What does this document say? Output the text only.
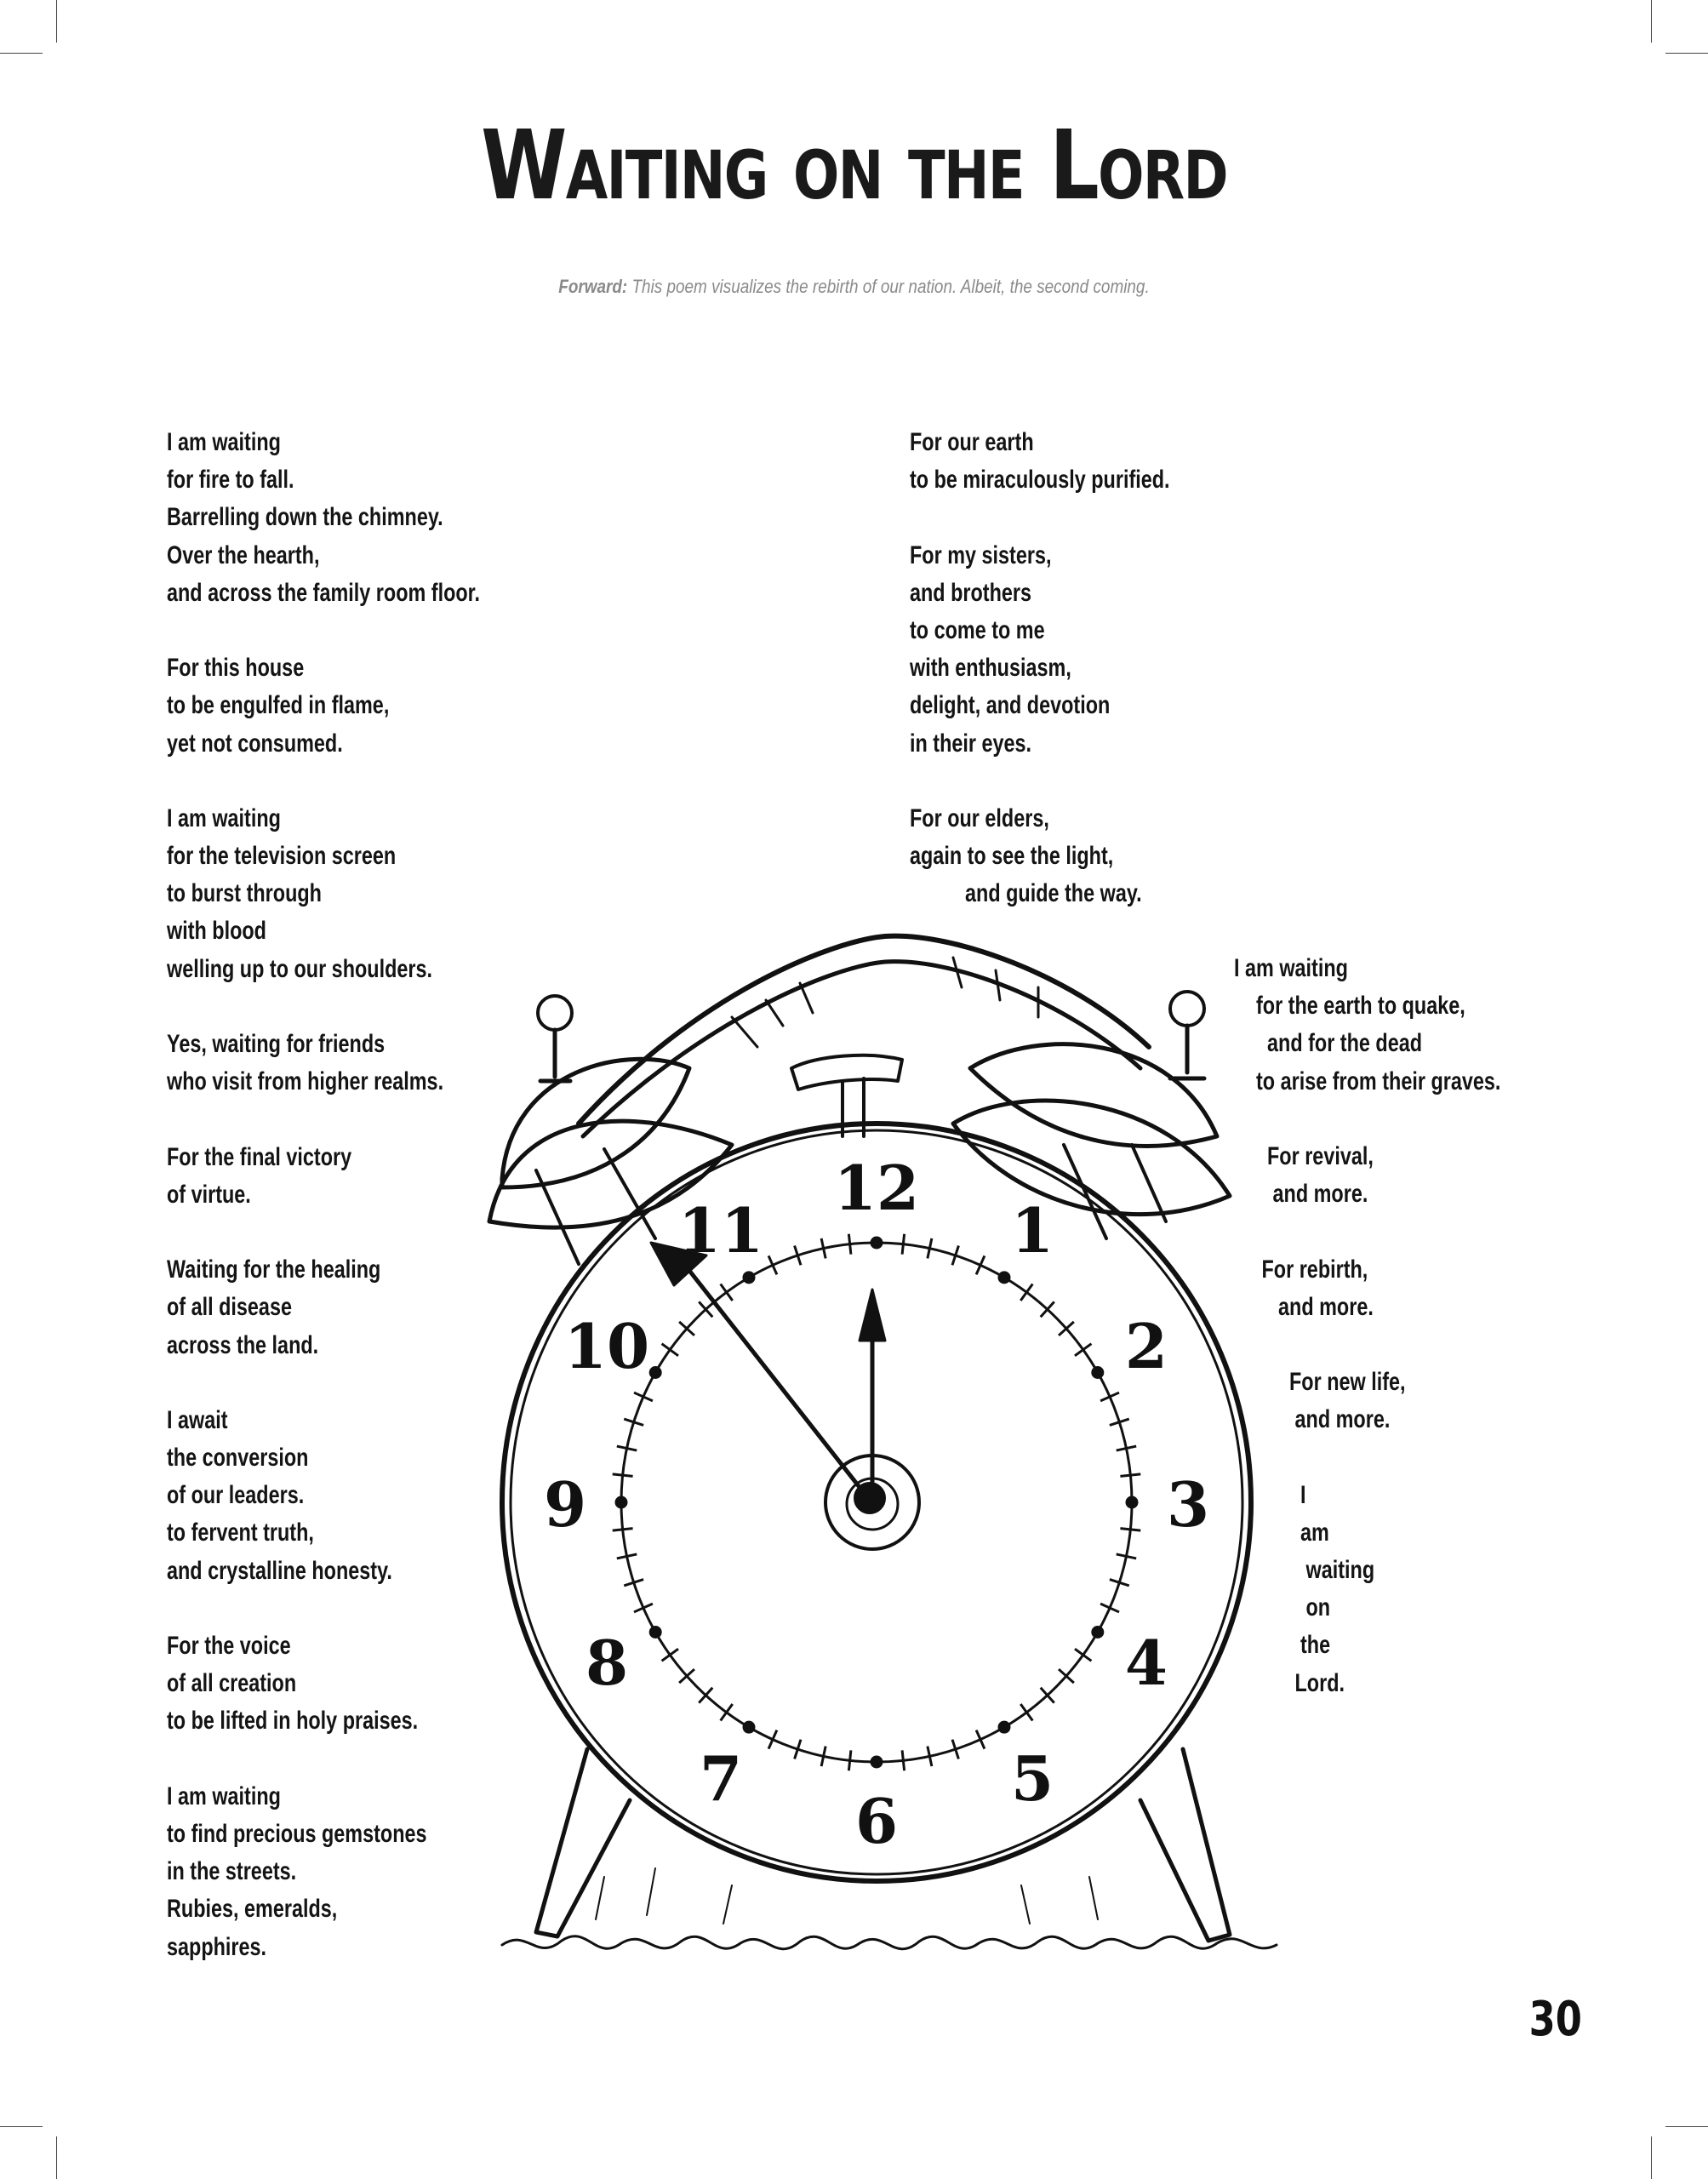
Waiting on the Lord
Forward: This poem visualizes the rebirth of our nation. Albeit, the second coming.
I am waiting
for fire to fall.
Barrelling down the chimney.
Over the hearth,
and across the family room floor.
For this house
to be engulfed in flame,
yet not consumed.
I am waiting
for the television screen
to burst through
with blood
welling up to our shoulders.
Yes, waiting for friends
who visit from higher realms.
For the final victory
of virtue.
Waiting for the healing
of all disease
across the land.
I await
the conversion
of our leaders.
to fervent truth,
and crystalline honesty.
For the voice
of all creation
to be lifted in holy praises.
I am waiting
to find precious gemstones
in the streets.
Rubies, emeralds,
sapphires.
For our earth
to be miraculously purified.
For my sisters,
and brothers
to come to me
with enthusiasm,
delight, and devotion
in their eyes.
For our elders,
again to see the light,
and guide the way.
I am waiting
for the earth to quake,
and for the dead
to arise from their graves.
For revival,
and more.
For rebirth,
and more.
For new life,
and more.
I
am
waiting
on
the
Lord.
12
1
2
3
4
5
6
7
8
9
10
11
30
